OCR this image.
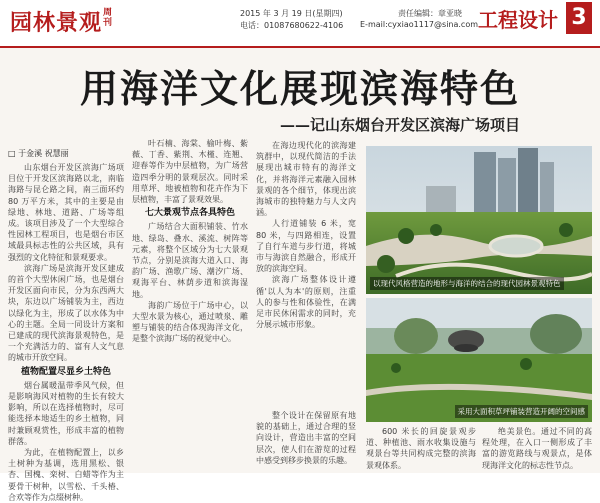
园林景观 周刊
2015 年 3 月 19 日(星期四)
电话：01087680622-4106
责任编辑：章亚晓
E-mail:cyxiao1117@sina.com 工程设计 3
用海洋文化展现滨海特色
——记山东烟台开发区滨海广场项目
□ 于金溪 祝慧丽

山东烟台开发区滨海广场项目位于开发区滨海路以北，南临海路与昆仑路之间，南三面环约 80 万平方米，其中的主要是由绿地、林地、道路、广场等组成。该项目涉及了一个大型综合性园林工程项目，也是烟台市区域最具标志性的公共区域，具有强烈的文化特征和景观要求。

滨海广场是滨海开发区建成的首个大型休闲广场，也是烟台开发区面向市民，分为东西两大块，东边以广场铺装为主，西边以绿化为主，形成了以水体为中心的主题。全局一同设计方案和已建成的现代滨海景观特色，是一个充满活力的、富有人文气息的城市开放空间。

植物配置尽显乡土特色

烟台属暖温带季风气候，但是影响海风对植物的生长有较大影响，所以在选择植物时，尽可能选择本地适生的乡土植物，同时兼顾观赏性，形成丰富的植物群落。

为此，在植物配置上，以乡土树种为基调，选用黑松、银杏、国槐、栾树、白蜡等作为主要骨干树种，以雪松、千头椿、合欢等作为点缀树种。

叶石楠、海棠、榆叶梅、紫薇、丁香、紫荆、木槿、连翘、迎春等作为中层植物，为广场营造四季分明的景观层次。同时采用草坪、地被植物和花卉作为下层植物，丰富了景观效果。

七大景观节点各具特色

广场结合大面积铺装、竹水地、绿岛、叠水、溪流、树阵等元素，将整个区域分为七大景观节点，分别是滨海大道入口、海韵广场、渔歌广场、潮汐广场、观海平台、林荫步道和滨海湿地。

海韵广场位于广场中心，以大型水景为核心，通过喷泉、雕塑与铺装的结合体现海洋文化，是整个滨海广场的视觉中心。

在海边现代化的滨海建筑群中，以现代简洁的手法展现出城市特有的海洋文化，并将海洋元素融入园林景观的各个细节，体现出滨海城市的独特魅力与人文内涵。

人行道铺装 6 米，宽 80 米，与四路相连，设置了自行车道与步行道，将城市与海滨自然融合，形成开放的滨海空间。

滨海广场整体设计遵循'以人为本'的原则，注重人的参与性和体验性，在满足市民休闲需求的同时，充分展示城市形象。

整个设计在保留原有地貌的基础上，通过合理的竖向设计，营造出丰富的空间层次，使人们在游览的过程中感受到移步换景的乐趣。

以现代风格营造的地形与海洋的结合的现代园林景观特色
采用大面积草坪铺装营造开阔的空间感

600 米长的回旋景观步道、种植池、雨水收集设施与观景台等共同构成完整的滨海景观体系。

绝美景色。通过不同的高程处理，在入口一侧形成了丰富的游览路线与观景点，是体现海洋文化的标志性节点。
